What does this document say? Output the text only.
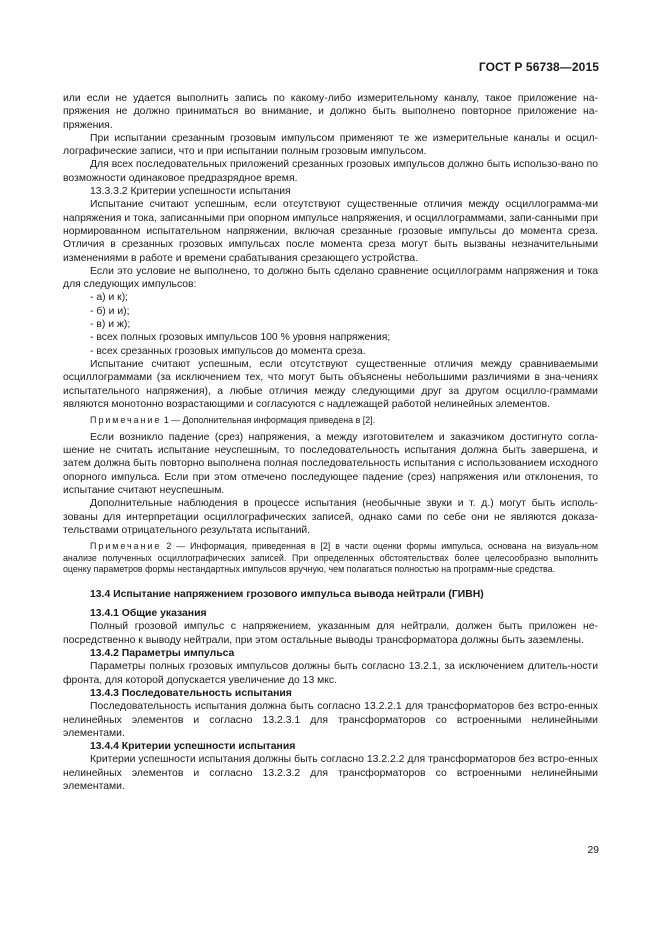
ГОСТ Р 56738—2015

или если не удается выполнить запись по какому-либо измерительному каналу, такое приложение на-пряжения не должно приниматься во внимание, и должно быть выполнено повторное приложение на-пряжения.

При испытании срезанным грозовым импульсом применяют те же измерительные каналы и осцил-лографические записи, что и при испытании полным грозовым импульсом.

Для всех последовательных приложений срезанных грозовых импульсов должно быть использо-вано по возможности одинаковое предразрядное время.

13.3.3.2 Критерии успешности испытания

Испытание считают успешным, если отсутствуют существенные отличия между осциллограмма-ми напряжения и тока, записанными при опорном импульсе напряжения, и осциллограммами, запи-санными при нормированном испытательном напряжении, включая срезанные грозовые импульсы до момента среза. Отличия в срезанных грозовых импульсах после момента среза могут быть вызваны незначительными изменениями в работе и времени срабатывания срезающего устройства.

Если это условие не выполнено, то должно быть сделано сравнение осциллограмм напряжения и тока для следующих импульсов:

- а) и к);

- б) и и);

- в) и ж);

- всех полных грозовых импульсов 100 % уровня напряжения;

- всех срезанных грозовых импульсов до момента среза.

Испытание считают успешным, если отсутствуют существенные отличия между сравниваемыми осциллограммами (за исключением тех, что могут быть объяснены небольшими различиями в зна-чениях испытательного напряжения), а любые отличия между следующими друг за другом осцилло-граммами являются монотонно возрастающими и согласуются с надлежащей работой нелинейных элементов.

Примечание 1 — Дополнительная информация приведена в [2].

Если возникло падение (срез) напряжения, а между изготовителем и заказчиком достигнуто согла-шение не считать испытание неуспешным, то последовательность испытания должна быть завершена, и затем должна быть повторно выполнена полная последовательность испытания с использованием исходного опорного импульса. Если при этом отмечено последующее падение (срез) напряжения или отклонения, то испытание считают неуспешным.

Дополнительные наблюдения в процессе испытания (необычные звуки и т. д.) могут быть исполь-зованы для интерпретации осциллографических записей, однако сами по себе они не являются доказа-тельствами отрицательного результата испытаний.

Примечание 2 — Информация, приведенная в [2] в части оценки формы импульса, основана на визуаль-ном анализе полученных осциллографических записей. При определенных обстоятельствах более целесообразно выполнить оценку параметров формы нестандартных импульсов вручную, чем полагаться полностью на программ-ные средства.

13.4 Испытание напряжением грозового импульса вывода нейтрали (ГИВН)
13.4.1 Общие указания

Полный грозовой импульс с напряжением, указанным для нейтрали, должен быть приложен не-посредственно к выводу нейтрали, при этом остальные выводы трансформатора должны быть заземлены.

13.4.2 Параметры импульса

Параметры полных грозовых импульсов должны быть согласно 13.2.1, за исключением длитель-ности фронта, для которой допускается увеличение до 13 мкс.

13.4.3 Последовательность испытания

Последовательность испытания должна быть согласно 13.2.2.1 для трансформаторов без встро-енных нелинейных элементов и согласно 13.2.3.1 для трансформаторов со встроенными нелинейными элементами.

13.4.4 Критерии успешности испытания

Критерии успешности испытания должны быть согласно 13.2.2.2 для трансформаторов без встро-енных нелинейных элементов и согласно 13.2.3.2 для трансформаторов со встроенными нелинейными элементами.

29
